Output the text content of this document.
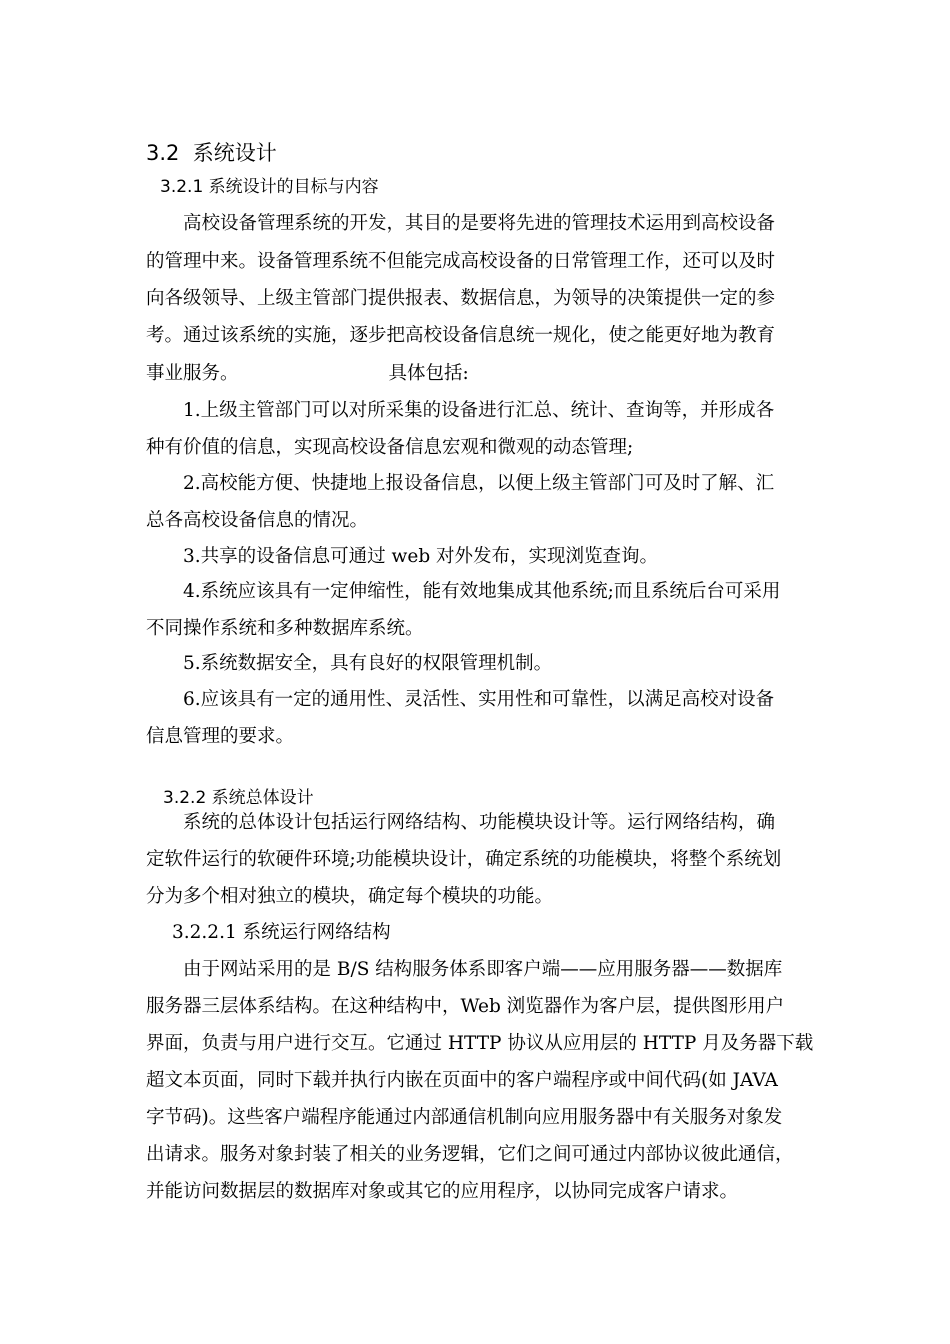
3.2 系统设计
3.2.1 系统设计的目标与内容
高校设备管理系统的开发，其目的是要将先进的管理技术运用到高校设备
的管理中来。设备管理系统不但能完成高校设备的日常管理工作，还可以及时
向各级领导、上级主管部门提供报表、数据信息，为领导的决策提供一定的参
考。通过该系统的实施，逐步把高校设备信息统一规化，使之能更好地为教育
事业服务。	具体包括:
1.上级主管部门可以对所采集的设备进行汇总、统计、查询等，并形成各
种有价值的信息，实现高校设备信息宏观和微观的动态管理;
2.高校能方便、快捷地上报设备信息，以便上级主管部门可及时了解、汇
总各高校设备信息的情况。
3.共享的设备信息可通过 web 对外发布，实现浏览查询。
4.系统应该具有一定伸缩性，能有效地集成其他系统;而且系统后台可采用
不同操作系统和多种数据库系统。
5.系统数据安全，具有良好的权限管理机制。
6.应该具有一定的通用性、灵活性、实用性和可靠性，以满足高校对设备
信息管理的要求。
3.2.2 系统总体设计
系统的总体设计包括运行网络结构、功能模块设计等。运行网络结构，确
定软件运行的软硬件环境;功能模块设计，确定系统的功能模块，将整个系统划
分为多个相对独立的模块，确定每个模块的功能。
3.2.2.1 系统运行网络结构
由于网站采用的是 B/S 结构服务体系即客户端——应用服务器——数据库
服务器三层体系结构。在这种结构中，Web 浏览器作为客户层，提供图形用户
界面，负责与用户进行交互。它通过 HTTP 协议从应用层的 HTTP 月及务器下载
超文本页面，同时下载并执行内嵌在页面中的客户端程序或中间代码(如 JAVA
字节码)。这些客户端程序能通过内部通信机制向应用服务器中有关服务对象发
出请求。服务对象封装了相关的业务逻辑，它们之间可通过内部协议彼此通信，
并能访问数据层的数据库对象或其它的应用程序，以协同完成客户请求。
